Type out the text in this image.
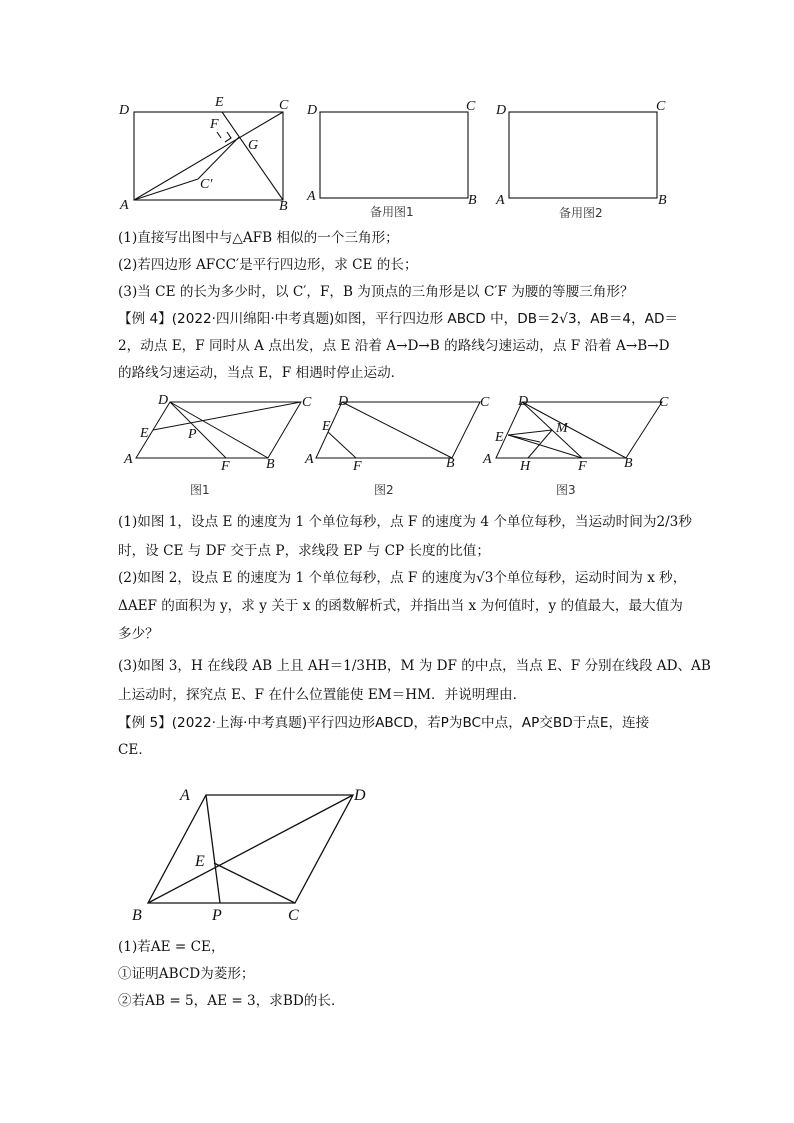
D
E	C
F
G
C′
A	B
D	C
A	B
备用图1
D	C
A	B
备用图2
(1)直接写出图中与△AFB 相似的一个三角形；
(2)若四边形 AFCC′是平行四边形，求 CE 的长；
(3)当 CE 的长为多少时，以 C′，F，B 为顶点的三角形是以 C′F 为腰的等腰三角形？
【例 4】(2022·四川绵阳·中考真题)如图，平行四边形 ABCD 中，DB＝2√3，AB＝4，AD＝
2，动点 E，F 同时从 A 点出发，点 E 沿着 A→D→B 的路线匀速运动，点 F 沿着 A→B→D
的路线匀速运动，当点 E，F 相遇时停止运动．
D	C
E	P
A	F	B
图1
D	C
E
A	F	B
图2
D	C
M
E
A H	F	B
图3
(1)如图 1，设点 E 的速度为 1 个单位每秒，点 F 的速度为 4 个单位每秒，当运动时间为2/3秒
时，设 CE 与 DF 交于点 P，求线段 EP 与 CP 长度的比值；
(2)如图 2，设点 E 的速度为 1 个单位每秒，点 F 的速度为√3个单位每秒，运动时间为 x 秒，
ΔAEF 的面积为 y，求 y 关于 x 的函数解析式，并指出当 x 为何值时，y 的值最大，最大值为
多少？
(3)如图 3，H 在线段 AB 上且 AH＝1/3HB，M 为 DF 的中点，当点 E、F 分别在线段 AD、AB
上运动时，探究点 E、F 在什么位置能使 EM＝HM．并说明理由．
【例 5】(2022·上海·中考真题)平行四边形ABCD，若P为BC中点，AP交BD于点E，连接
CE．
A	D
E
B	P	C
(1)若AE = CE，
①证明ABCD为菱形；
②若AB = 5，AE = 3，求BD的长．
